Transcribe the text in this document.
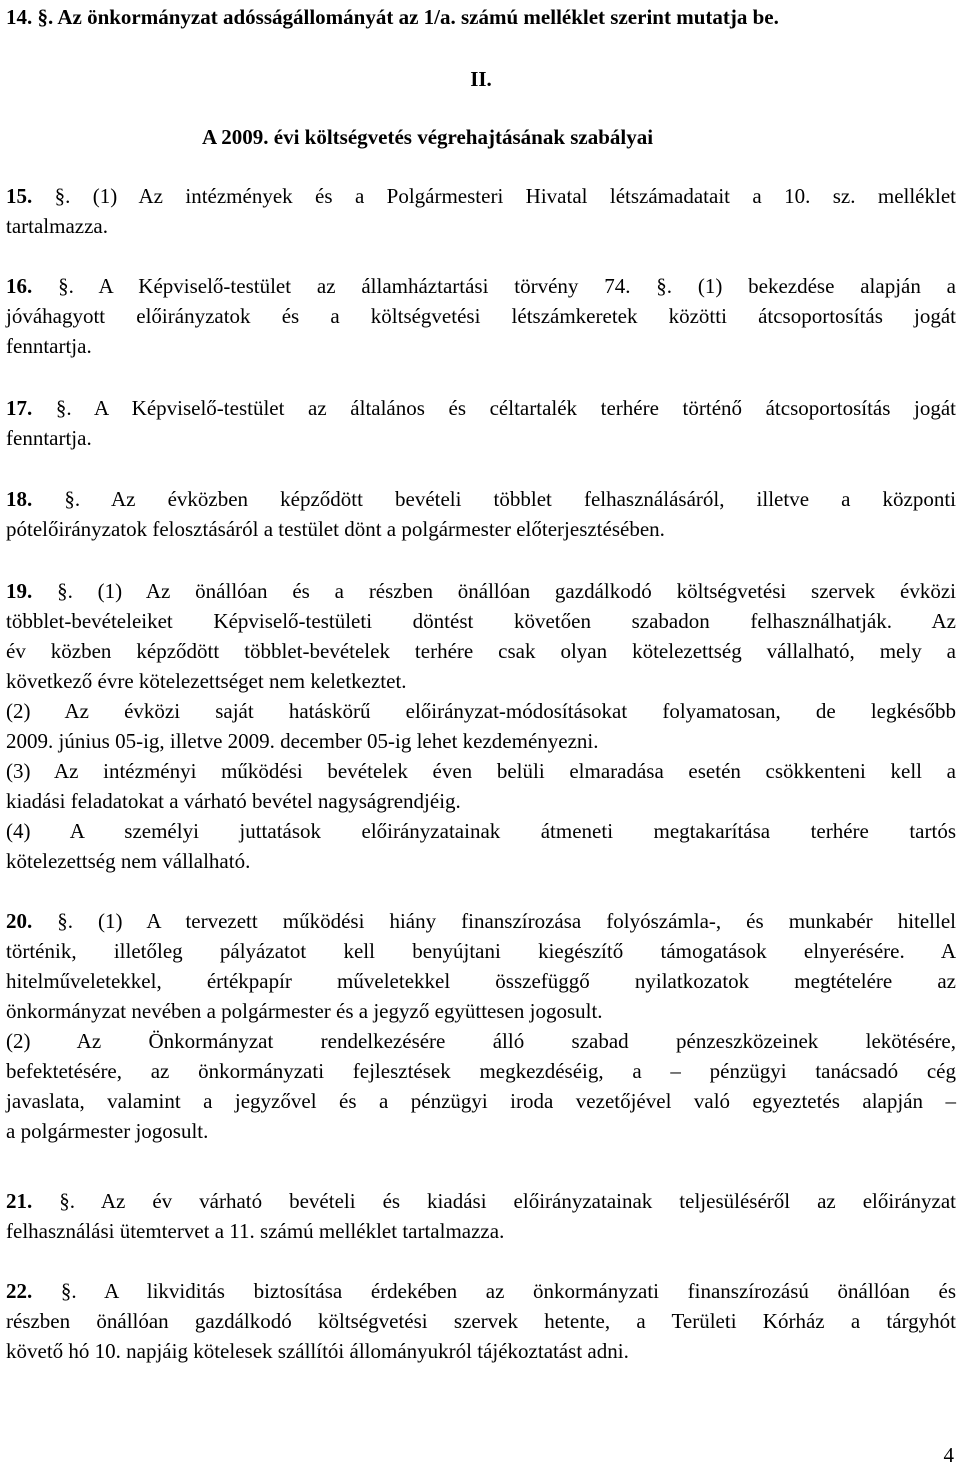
14. §. Az önkormányzat adósságállományát az 1/a. számú melléklet szerint mutatja be.

II.

A 2009. évi költségvetés végrehajtásának szabályai

15. §. (1) Az intézmények és a Polgármesteri Hivatal létszámadatait a 10. sz. melléklet

tartalmazza.

16. §. A Képviselő-testület az államháztartási törvény 74. §. (1) bekezdése alapján a

jóváhagyott előirányzatok és a költségvetési létszámkeretek közötti átcsoportosítás jogát

fenntartja.

17. §. A Képviselő-testület az általános és céltartalék terhére történő átcsoportosítás jogát

fenntartja.

18. §. Az évközben képződött bevételi többlet felhasználásáról, illetve a központi

pótelőirányzatok felosztásáról a testület dönt a polgármester előterjesztésében.

19. §. (1) Az önállóan és a részben önállóan gazdálkodó költségvetési szervek évközi

többlet-bevételeiket Képviselő-testületi döntést követően szabadon felhasználhatják. Az

év közben képződött többlet-bevételek terhére csak olyan kötelezettség vállalható, mely a

következő évre kötelezettséget nem keletkeztet.

(2) Az évközi saját hatáskörű előirányzat-módosításokat folyamatosan, de legkésőbb

2009. június 05-ig, illetve 2009. december 05-ig lehet kezdeményezni.

(3) Az intézményi működési bevételek éven belüli elmaradása esetén csökkenteni kell a

kiadási feladatokat a várható bevétel nagyságrendjéig.

(4) A személyi juttatások előirányzatainak átmeneti megtakarítása terhére tartós

kötelezettség nem vállalható.

20. §. (1) A tervezett működési hiány finanszírozása folyószámla-, és munkabér hitellel

történik, illetőleg pályázatot kell benyújtani kiegészítő támogatások elnyerésére. A

hitelműveletekkel, értékpapír műveletekkel összefüggő nyilatkozatok megtételére az

önkormányzat nevében a polgármester és a jegyző együttesen jogosult.

(2) Az Önkormányzat rendelkezésére álló szabad pénzeszközeinek lekötésére,

befektetésére, az önkormányzati fejlesztések megkezdéséig, a – pénzügyi tanácsadó cég

javaslata, valamint a jegyzővel és a pénzügyi iroda vezetőjével való egyeztetés alapján –

a polgármester jogosult.

21. §. Az év várható bevételi és kiadási előirányzatainak teljesüléséről az előirányzat

felhasználási ütemtervet a 11. számú melléklet tartalmazza.

22. §. A likviditás biztosítása érdekében az önkormányzati finanszírozású önállóan és

részben önállóan gazdálkodó költségvetési szervek hetente, a Területi Kórház a tárgyhót

követő hó 10. napjáig kötelesek szállítói állományukról tájékoztatást adni.

4
